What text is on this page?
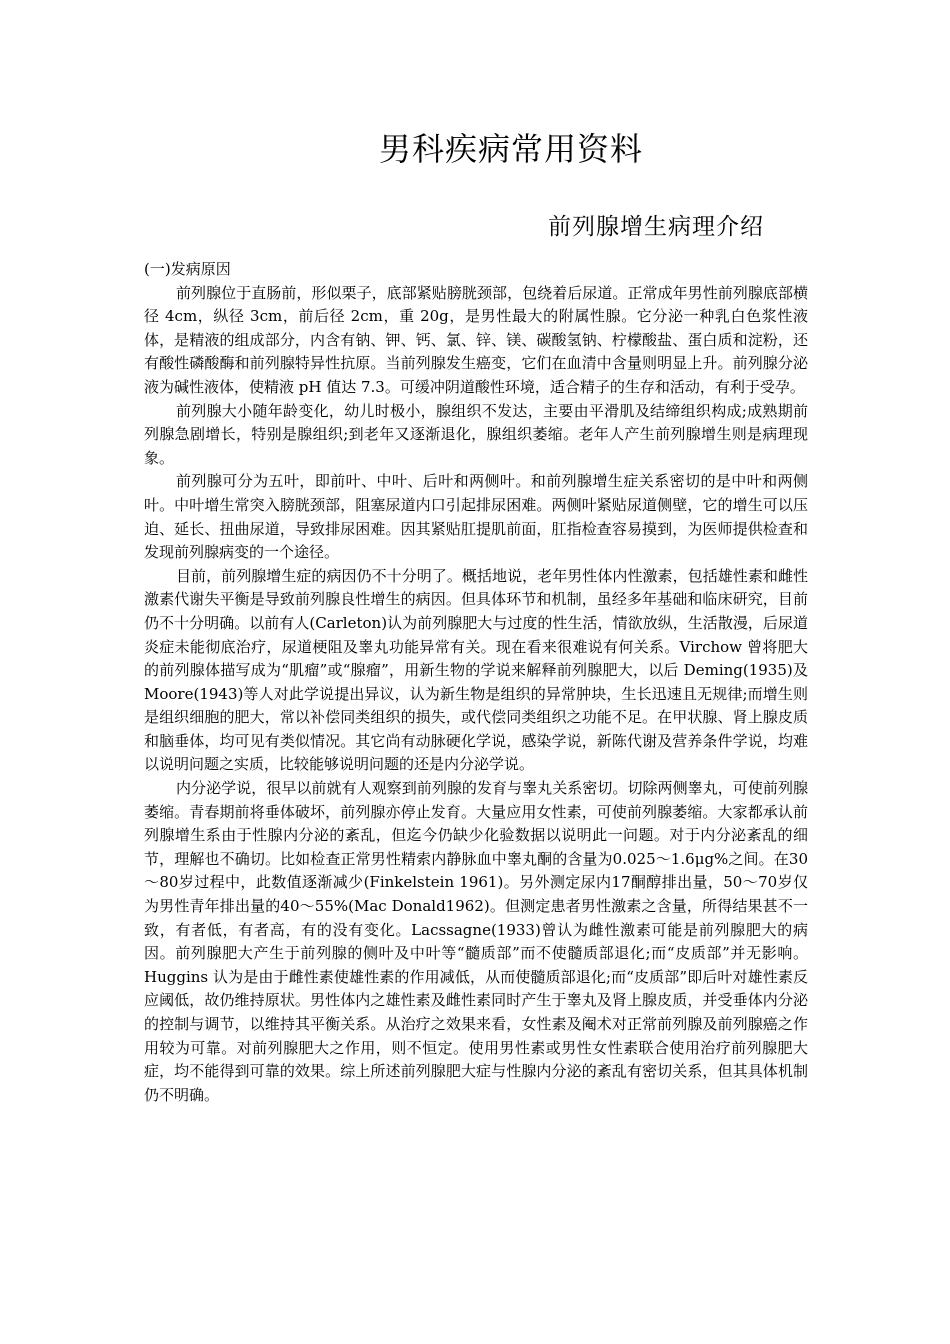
男科疾病常用资料
前列腺增生病理介绍

(一)发病原因

前列腺位于直肠前，形似栗子，底部紧贴膀胱颈部，包绕着后尿道。正常成年男性前列腺底部横径 4cm，纵径 3cm，前后径 2cm，重 20g，是男性最大的附属性腺。它分泌一种乳白色浆性液体，是精液的组成部分，内含有钠、钾、钙、氯、锌、镁、碳酸氢钠、柠檬酸盐、蛋白质和淀粉，还有酸性磷酸酶和前列腺特异性抗原。当前列腺发生癌变，它们在血清中含量则明显上升。前列腺分泌液为碱性液体，使精液 pH 值达 7.3。可缓冲阴道酸性环境，适合精子的生存和活动，有利于受孕。

前列腺大小随年龄变化，幼儿时极小，腺组织不发达，主要由平滑肌及结缔组织构成;成熟期前列腺急剧增长，特别是腺组织;到老年又逐渐退化，腺组织萎缩。老年人产生前列腺增生则是病理现象。

前列腺可分为五叶，即前叶、中叶、后叶和两侧叶。和前列腺增生症关系密切的是中叶和两侧叶。中叶增生常突入膀胱颈部，阻塞尿道内口引起排尿困难。两侧叶紧贴尿道侧壁，它的增生可以压迫、延长、扭曲尿道，导致排尿困难。因其紧贴肛提肌前面，肛指检查容易摸到，为医师提供检查和发现前列腺病变的一个途径。

目前，前列腺增生症的病因仍不十分明了。概括地说，老年男性体内性激素，包括雄性素和雌性激素代谢失平衡是导致前列腺良性增生的病因。但具体环节和机制，虽经多年基础和临床研究，目前仍不十分明确。以前有人(Carleton)认为前列腺肥大与过度的性生活，情欲放纵，生活散漫，后尿道炎症未能彻底治疗，尿道梗阻及睾丸功能异常有关。现在看来很难说有何关系。Virchow 曾将肥大的前列腺体描写成为“肌瘤”或“腺瘤”，用新生物的学说来解释前列腺肥大，以后 Deming(1935)及 Moore(1943)等人对此学说提出异议，认为新生物是组织的异常肿块，生长迅速且无规律;而增生则是组织细胞的肥大，常以补偿同类组织的损失，或代偿同类组织之功能不足。在甲状腺、肾上腺皮质和脑垂体，均可见有类似情况。其它尚有动脉硬化学说，感染学说，新陈代谢及营养条件学说，均难以说明问题之实质，比较能够说明问题的还是内分泌学说。

内分泌学说，很早以前就有人观察到前列腺的发育与睾丸关系密切。切除两侧睾丸，可使前列腺萎缩。青春期前将垂体破坏，前列腺亦停止发育。大量应用女性素，可使前列腺萎缩。大家都承认前列腺增生系由于性腺内分泌的紊乱，但迄今仍缺少化验数据以说明此一问题。对于内分泌紊乱的细节，理解也不确切。比如检查正常男性精索内静脉血中睾丸酮的含量为0.025～1.6μg%之间。在30～80岁过程中，此数值逐渐减少(Finkelstein 1961)。另外测定尿内17酮醇排出量，50～70岁仅为男性青年排出量的40～55%(Mac Donald1962)。但测定患者男性激素之含量，所得结果甚不一致，有者低，有者高，有的没有变化。Lacssagne(1933)曾认为雌性激素可能是前列腺肥大的病因。前列腺肥大产生于前列腺的侧叶及中叶等“髓质部”而不使髓质部退化;而“皮质部”并无影响。Huggins 认为是由于雌性素使雄性素的作用减低，从而使髓质部退化;而“皮质部”即后叶对雄性素反应阈低，故仍维持原状。男性体内之雄性素及雌性素同时产生于睾丸及肾上腺皮质，并受垂体内分泌的控制与调节，以维持其平衡关系。从治疗之效果来看，女性素及阉术对正常前列腺及前列腺癌之作用较为可靠。对前列腺肥大之作用，则不恒定。使用男性素或男性女性素联合使用治疗前列腺肥大症，均不能得到可靠的效果。综上所述前列腺肥大症与性腺内分泌的紊乱有密切关系，但其具体机制仍不明确。
